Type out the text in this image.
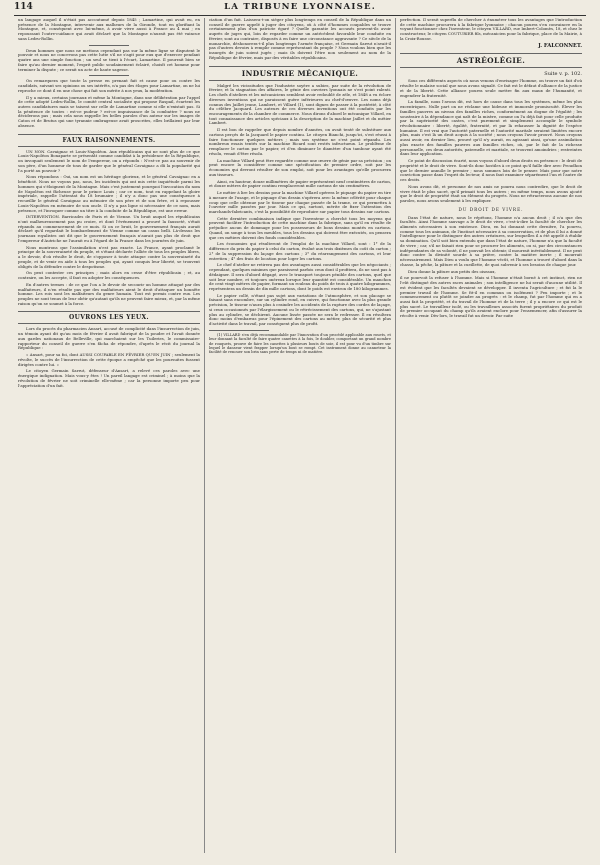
114	LA TRIBUNE LYONNAISE.

un langage auquel il n'était pas accoutumé depuis 1845 ; Lamartine, qui avait eu, en présence de la Montagne, intervenir aux malheurs de la Gironde, tout en glorifiant la Montagne, et, conséquent avec lui-même, à avoir vivre aussi à France au 4 mai ; en repoussant l'outre-cuidance qui avait déclaré que la Montagne n'aurait pas été vaincue sans Ledru-Rollin.

Deux hommes que nous ne mettons cependant pas sur la même ligne se disputent le pouvoir et nous ne concevons pas cette lutte s'il ne s'agit pour eux que d'exercer pendant quatre ans une simple fonction ; un seul se tient à l'écart, Lamartine. Il pourrait bien se faire qu'au dernier moment, l'esprit public soudainement éclairé, choisît cet homme pour terminer la dispute ; ce serait un acte de haute sagesse.

On remarquera que toute la presse en prenant fait et cause pour ou contre les candidats, suivant ses opinions ou ses intérêts, n'a pas des éloges pour Lamartine, on ne lui reproche ce dont il en une chose qui fait son mérite à nos yeux, la modération.

Il y a mieux, certains journaux et même la Montagne, dans une délibération par l'appel de cette adopté Ledru-Rollin, le comité central socialiste qui propose Raspail, écartent les autres candidatures mais se taisent sur celle de Lamartine comme si elle n'existait pas. Si la pénitence de toutes : est-ce pudeur ? est-ce impuissance de la combattre ? nous ne déciderons pas ; mais cela nous rappelle les belles paroles d'un auteur sur les images de Caton et de Brutus qui une tyrannie ombrageuse avait proscrites, elles brillaient par leur absence.

FAUX RAISONNEMENTS.

UN NON. Cavaignac et Louis-Napoléon. Aux républicains qui ne sont plus de ce que Louis-Napoléon Bonaparte se présentât comme candidat à la présidence de la République, on invoquait seulement le nom de l'empereur, on a répondu : N'est-ce pas au souvenir de son père, d'un honneur de tous de garder que le général Cavaignac a dû la popularité qui l'a porté au pouvoir ?

Nous répondons : Oui, un nom est un héritage glorieux, et le général Cavaignac en a bénéficié. Nous ne voyons pas, nous, les incidents qui ont mis cette inquiétude parmi les hommes qui s'éloignent de la Montagne. Mais c'est justement pourquoi l'invocation du nom de Napoléon est fâcheuse pour le prince Louis ; car ce nom, tout en rappelant la gloire impériale, rappelle l'attentat du 18 brumaire ; il n'y a donc pas une conséquence à recueillir le général Cavaignac au mémoire de son père et de son frère, et à repousser Louis-Napoléon en mémoire de son oncle. Il n'y a pas ligne si nécessaire de ce nom, mais présence, et l'invoquer comme un titre à la conduite de la République, est une erreur.

INTERVENTION. Barricades de Paris et de Vienne. Un bruit auquel les républicains n'ont malheureusement pas pu croire, et dont l'événement a prouvé la fausseté, s'était répandu au commencement de ce mois. Si on ce bruit, le gouvernement français aurait déclaré qu'il regardait le bombardement de Vienne comme un casus belli. Là-dessus les journaux royalistes ont dit que le gouvernement français n'aurait pas plus de droit que l'empereur d'Autriche ne l'aurait eu à l'égard de la France dans les journées de juin.

Nous montrons que l'assimilation n'est pas exacte. La France, ayant proclamé le principe de la souveraineté du peuple, et s'étant déclarée l'alliée de tous les peuples libres, a le devoir, d'où résulte le droit, de s'opposer à toute attaque contre la souveraineté du peuple, et de venir en aide à tous les peuples qui, ayant conquis leur liberté, se trouvent obligés de la défendre contre le despotisme.

On peut contester ces principes ; mais alors en cesse d'être républicain ; et, au contraire, on les accepte, il faut en adopter les conséquences.

En d'autres termes : de ce que l'on a le devoir de secourir un homme attaqué par des malfaiteurs, il n'en résulte pas que des malfaiteurs aient le droit d'attaquer un honnête homme. Les rois sont les malfaiteurs du genre humain. Tout est permis contre eux. Les peuples ne sont tenus de leur obéir qu'autant qu'ils ne peuvent faire mieux, et, par la même raison qu'on se soumet à la force.

OUVRONS LES YEUX.

Lors du procès du pharmacien Ansart, accusé de complicité dans l'insurrection de juin, un témoin ayant dit qu'au mois de février il avait fabriqué de la poudre et l'avait donnée aux gardes nationaux de Belleville, qui marchaient sur les Tuileries, le commissaire-rapporteur du conseil de guerre s'en fâcha de répondre, d'après le récit du journal la République :

« Ansart, pour sa foi, dont AUSSI COUPABLE EN FÉVRIER QU'EN JUIN ; seulement la révolte, le succès de l'insurrection de cette époque a empêché que les poursuites fussent dirigées contre lui. »

Le citoyen Germain Sarrut, défenseur d'Ansart, a relevé ces paroles avec une énergique indignation. Mais vous-y êtes ! Un pareil langage est criminel ; à moins que la révolution de février ne soit criminelle elle-même ; car la personne importe peu pour l'appréciation d'un fait.

ciation d'un fait. Laissera-t-on siéger plus longtemps en conseil de la République dans un conseil de guerre appelé à juger des citoyens, où à côté d'hommes coupables se trouve certainement plus d'un patriote égaré ? Quelle garantie les accusés peuvent-ils avoir auprès de juges qui, loin de regarder comme un antécédent favorable leur conduite en février, sont au contraire, disposés à en faire une circonstance aggravante ? Ce siècle de la monarchie, déshonorera-t-il plus longtemps l'armée française, et Germain Sarrut n'avait-il pas d'autres devoirs à remplir comme représentant du peuple ? Nous voulons bien que les insurgés de juin soient jugés ; mais ils doivent l'être non seulement au nom de la République de février, mais par des véritables républicains.

INDUSTRIE MÉCANIQUE.

Malgré les vicissitudes que l'industrie soyère a subies, par suite de la révolution de février, et la stagnation des affaires, le génie des ouvriers lyonnais ne s'est point ralenti. Les chefs d'ateliers et les mécaniciens semblent avoir redoublé de zèle, et 1848 a vu éclore diverses inventions qui ne paraissent guère inférieures au chef-d'œuvre. Les noms déjà connus des Jaillet jeune, Lambert, et Villard (1), sont dignes de passer à la postérité, à côté du célèbre Jacquard. Les auteurs de ces diverses inventions ont été conduits par les encouragements de la chambre de commerce. Nous dirons d'abord le mécanique Villard, en tout connaissance des articles spéciaux à la description de la machine Jaillet et du métier Lambert.

Il est bon de rappeler que depuis nombre d'années, on avait tenté de substituer aux cartons perçés de la Jacquard le papier continu. Le citoyen Bianchi, jusqu'ici, s'est réussi à faire fonctionner quelques métiers ; mais son système ne s'est point répandu. Les nombreux essais tentés sur la machine Ricard sont restés infructueux. Le problème de remplacer le carton par le papier, et d'en diminuer le diamètre d'un tambour ayant été résolu, venait d'être résolu.

La machine Villard peut être regardée comme une œuvre de génie par sa précision ; on peut encore la considérer comme une spécification de premier ordre, soit par les économies qui devront résulter de son emploi, soit pour les avantages qu'elle procurera aux tisseurs.

Ainsi, en hauteur, douze millimètres de papier représentent neuf centimètres de carton, et douze mètres de papier continu remplaceront mille cartons de six centimètres.

Le métier à lire les dessins pour la machine Villard opérera le piquage du papier en tire à mesure de l'usage, et le piquage d'un dessin s'opérera avec la même célérité pour chaque coup que celle obtenue par le tisseur par chaque passée de la trame, ce qui permettra à l'ouvrier mille passées par jour. Mais ce qui, surtout, mérite de fixer l'attention des marchands-fabricants, c'est la possibilité de reproduire sur papier tous dessins sur cartons.

Cette dernière combinaison indique que l'inventeur a cherché tous les moyens qui peuvent faciliter l'introduction de cette machine dans la fabrique, sans qu'il en résulte de préjudice aucun de dommage pour les possesseurs de bons dessins montés en cartons. Quand, on songe à tous les meubles, tous les dessins qui doivent être exécutés, on pensera que ces métiers doivent des fonds considérables.

Les économies qui résulteront de l'emploi de la machine Villard, sont : 1° de la différence du prix du papier à celui du carton, évalué aux trois dixièmes du coût du carton ; 2° de la suppression du laçage des cartons ; 3° du réarrangement des cartons, et leur entretien ; 4° des frais de location pour loger les cartons.

Le chef d'atelier ne retirera pas des avantages aussi considérables que les négociants ; cependant, quelques minimes que paraissent parfois ceux dont il profitera, ils ne sont pas à dédaigner. Il sera d'abord dégagé, avec le transport toujours pénible des cartons, quel que soit leur nombre, et toujours onéreux lorsque leur quantité est considérable. Un manchon de cent vingt mètres de papier, formant un rouleau du poids de trois à quatre kilogrammes, représentera un dessin de dix mille cartons, dont le poids est environ de 180 kilogrammes.

Le papier collé, n'étant pas sujet aux variations de l'atmosphère, et son placage se faisant sans encombre, sur un cylindre rond, en cuivre, qui fonctionne avec la plus grande précision, le tisseur n'aura plus à craindre les accidents de la rupture des cordes de laçage, si ceux occasionnés par l'élargissement ou le rétrécissement des cartons, qui, ne s'ajustant plus au cylindre, se déchirent. Aucune lissée passée ne sera le redresser. Il en résultera donc moins d'embarras pour l'épinement des cartons au métier, plus de sécurité et plus d'activité dans le travail, par conséquent plus de profit.

(1) VILLARD s'en déjà recommandable par l'innovation d'un procédé applicable aux rouets, et leur donnant la faculté de faire quatre canettes à la fois, le doubler, comportant un grand nombre de rouquets, prouve de faire les canettes à plusieurs bouts de soie, il est pour vu d'un timbre sur lequel le danseur vient frapper lorsqu'un bout se rompt. Cet instrument donne au canneteur la facilité de renouer son brin sans perte de temps ni de matière.

perfection. Il serait superflu de chercher à énumérer tous les avantages que l'introduction de cette machine procurera à la fabrique lyonnaise ; chacun pourra s'en convaincre en la voyant fonctionner chez l'inventeur, le citoyen VILLARD, rue Imbert-Colomès, 18, et chez le constructeur, le citoyen COUTURIER fils, mécanicien pour la fabrique, place de la Mairie, à la Croix-Rousse.

J. FALCONNET.
ASTRÉOLÉGIE.
Suite v. p. 102.

Sous ces différents aspects où nous venons d'envisager l'homme, on trouve un fait d'où résulte le malaise social que nous avons signalé. Ce fait est le défaut d'alliance de la justice et de la liberté. Cette alliance pourra seule mettre fin aux maux de l'humanité, et engendrer la fraternité.

La famille, nous l'avons dit, est hors de cause dans tous les systèmes, même les plus excentriques. Nulle part on ne réclame une hideuse et immorale promiscuité. Élever les familles pauvres au niveau des familles riches, conformément au dogme de l'égalité ; les soustraire à la dépendance qui naît de la misère, comme on l'a déjà fait pour celle produite par la supériorité des castes, c'est purement et simplement accomplir le symbole révolutionnaire : liberté, égalité, fraternité, et par là rehausser la dignité de l'espèce humaine. Il est vrai que l'autorité paternelle et l'autorité maritale seraient limitées encore plus, mais c'est là un droit acquis à la société ; nous croyons l'avoir prouvé. Nous croyons aussi avoir, en dernier lieu, prouvé qu'il n'y aurait, en agissant ainsi, qu'une assimilation plus exacte des familles pauvres aux familles riches, où, par le fait de la richesse personnelle, ces deux autorités, paternelle et maritale, se trouvent amoindries ; restreintes dans leur application.

Ce point de discussion écarté, nous voyons d'abord deux droits en présence : le droit de propriété et le droit de vivre. Sont-ils donc hostiles à ce point qu'il faille dire avec Proudhon que le dernier annulle le premier ; nous sommes loin de le penser. Mais pour que notre conviction passe dans l'esprit du lecteur, il nous faut examiner séparément l'un et l'autre de ces droits.

Nous avons dit, et personne de nos amis ne pourra nous contredire, que le droit de vivre était le plus sacré, qu'il primait tous les autres ; en même temps, nous avons ajouté que le droit de propriété était un élément du progrès. Nous ne rétracterons aucune de nos paroles, nous avons seulement à les expliquer.

DU DROIT DE VIVRE.

Dans l'état de nature, nous le répétons, l'homme n'a aucun droit ; il n'a que des facultés. Ainsi l'homme sauvage a le droit de vivre, c'est-à-dire la faculté de chercher les aliments nécessaires à son existence. Dieu, en lui donnant cette dernière, l'a pourvu, comme tous les animaux, de l'instinct nécessaire à sa conservation, et de plus il lui a donné l'intelligence pour le distinguer des autres créatures, sur lesquelles il a été appelé à établir sa domination. Qu'il soit bien entendu que dans l'état de nature, l'homme n'a que la faculté de vivre ; car, s'il ne faisait rien pour se procurer les aliments, ou si, par des circonstances indépendantes de sa volonté, il ne pouvait les obtenir, il mourrait inévitablement. Il ne peut donc contre la divinité sourde à sa prière, contre la matière inerte ; il mourrait nécessairement. Mais Dieu a voulu que l'homme vécût, et l'homme a trouvé d'abord dans la chasse, la pêche, la pâture et la cueillette, de quoi subvenir à ses besoins de chaque jour.

Dieu donne la pâture aux petits des oiseaux,

il ne pourvoit la refuser à l'homme. Mais si l'homme n'était borné à cet instinct, rien ne l'eût distingué des autres races animales ; son intelligence ne lui serait d'aucune utilité. Il est évident que les facultés devaient se développer. Il inventa l'agriculture ; et fut la le premier travail de l'homme. Se fit-il en commun ou isolément ? Peu importe ; et le commencement ou plutôt se joindre au progrès : et le champ, fut par l'homme qui en a aussi fait la propriété, et du travail de l'homme et de la terre ; il y a encore ce qui est le plus sacré. Le travailleur isolé, ou les travailleurs associés furent propriétaires du produit de premier occupant du champ qu'ils avaient enclore pour l'ensemencer, afin d'assurer la récolte à venir. Dès-lors, le travail fut un devoir. Par suite
